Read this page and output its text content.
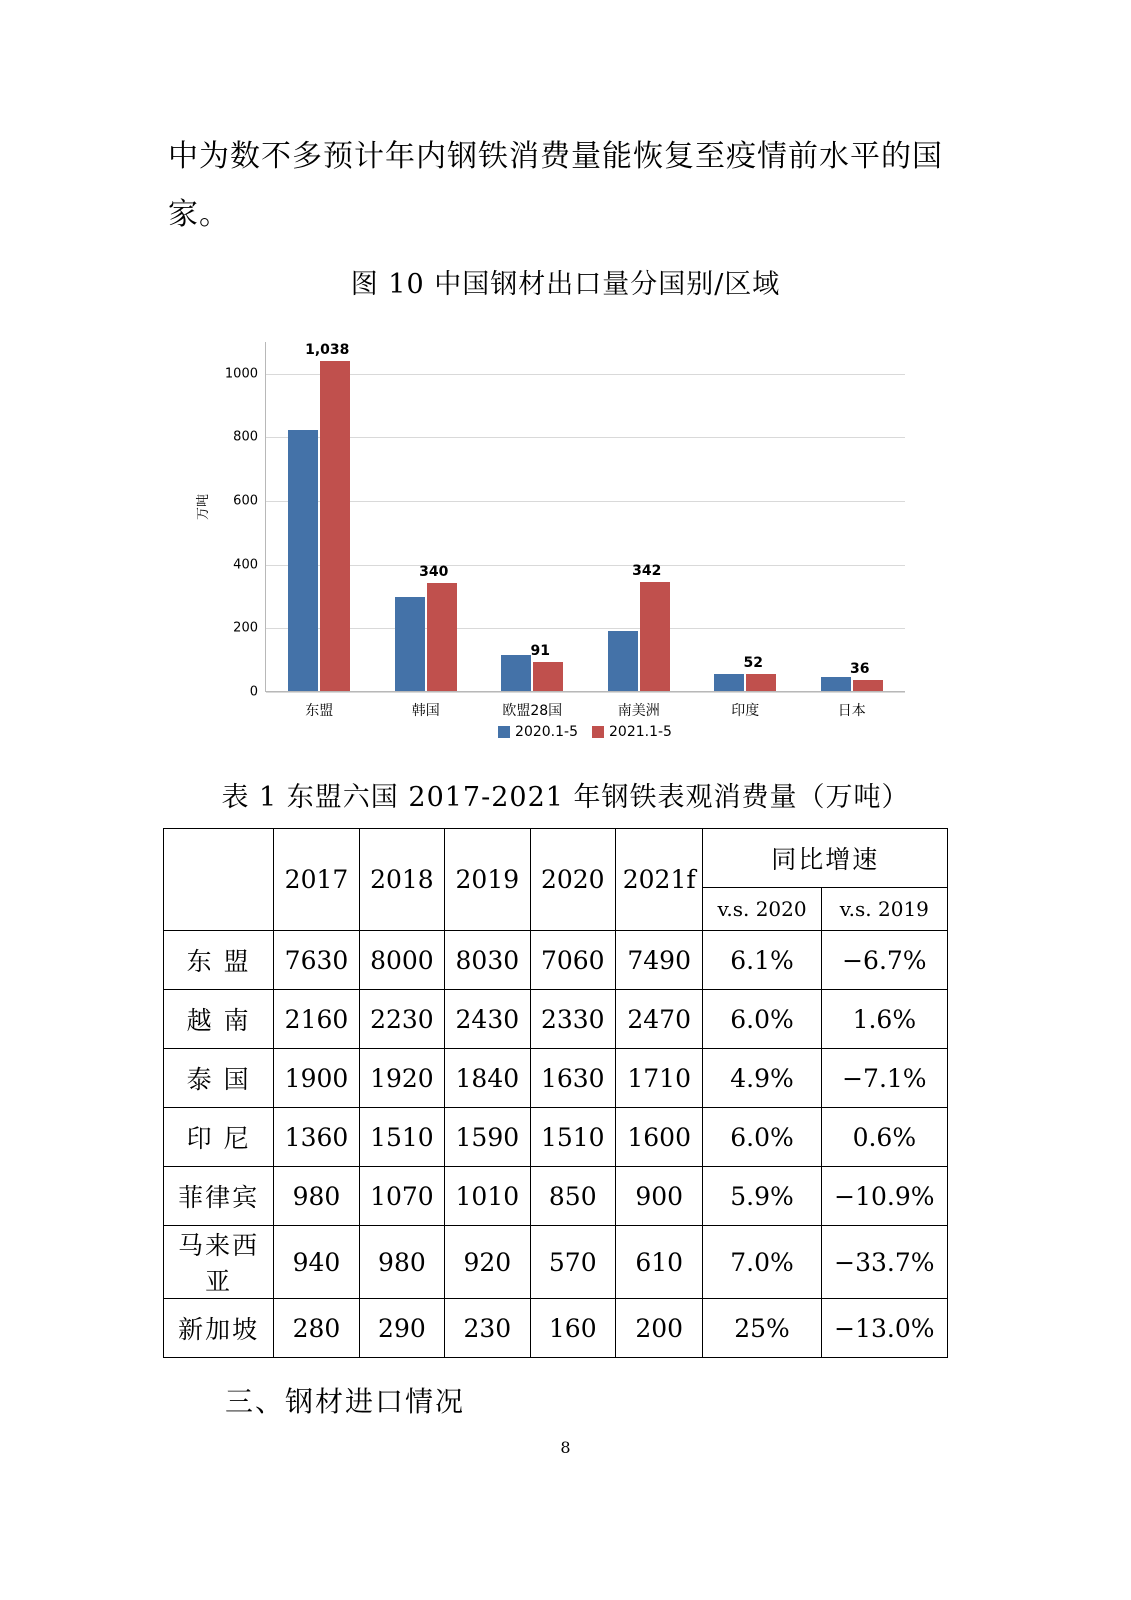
中为数不多预计年内钢铁消费量能恢复至疫情前水平的国家。
图 10 中国钢材出口量分国别/区域
万吨
0
200
400
600
800
1000
1,038
东盟
340
韩国
91
欧盟28国
342
南美洲
52
印度
36
日本
2020.1-5 2021.1-5
表 1 东盟六国 2017-2021 年钢铁表观消费量（万吨）
	2017	2018	2019	2020	2021f	同比增速	
						v.s. 2020	v.s. 2019
东 盟	7630	8000	8030	7060	7490	6.1%	−6.7%
越 南	2160	2230	2430	2330	2470	6.0%	1.6%
泰 国	1900	1920	1840	1630	1710	4.9%	−7.1%
印 尼	1360	1510	1590	1510	1600	6.0%	0.6%
菲律宾	980	1070	1010	850	900	5.9%	−10.9%
马来西亚	940	980	920	570	610	7.0%	−33.7%
新加坡	280	290	230	160	200	25%	−13.0%
三、钢材进口情况
8
